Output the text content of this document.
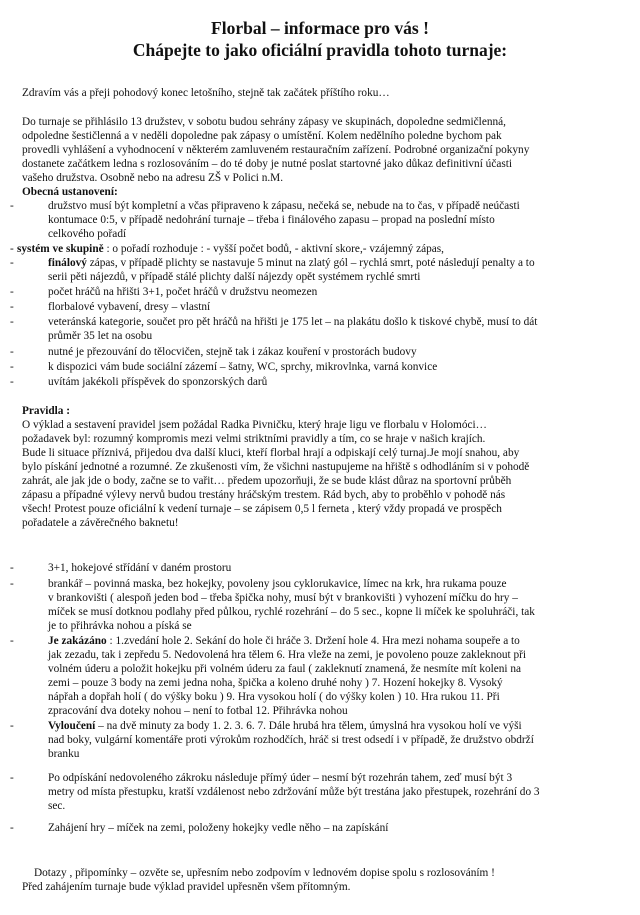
Florbal – informace pro vás !
Chápejte to jako oficiální pravidla tohoto turnaje:

Zdravím vás a přeji pohodový konec letošního, stejně tak začátek příštího roku…

Do turnaje se přihlásilo 13 družstev, v sobotu budou sehrány zápasy ve skupinách, dopoledne sedmičlenná,

odpoledne šestičlenná a v neděli dopoledne pak zápasy o umístění. Kolem nedělního poledne bychom pak

provedli vyhlášení a vyhodnocení v některém zamluveném restauračním zařízení. Podrobné organizační pokyny

dostanete začátkem ledna s rozlosováním – do té doby je nutné poslat startovné jako důkaz definitivní účasti

vašeho družstva. Osobně nebo na adresu ZŠ v Polici n.M.

Obecná ustanovení:

-	družstvo musí být kompletní a včas připraveno k zápasu, nečeká se, nebude na to čas, v případě neúčasti

kontumace 0:5, v případě nedohrání turnaje – třeba i finálového zapasu – propad na poslední místo

celkového pořadí

- systém ve skupině : o pořadí rozhoduje : - vyšší počet bodů, - aktivní skore,- vzájemný zápas,

-	finálový zápas, v případě plichty se nastavuje 5 minut na zlatý gól – rychlá smrt, poté následují penalty a to

serii pěti nájezdů, v případě stálé plichty další nájezdy opět systémem rychlé smrti

-	počet hráčů na hřišti 3+1, počet hráčů v družstvu neomezen

-	florbalové vybavení, dresy – vlastní

-	veteránská kategorie, součet pro pět hráčů na hřišti je 175 let – na plakátu došlo k tiskové chybě, musí to dát

průměr 35 let na osobu

-	nutné je přezouvání do tělocvičen, stejně tak i zákaz kouření v prostorách budovy

-	k dispozici vám bude sociální zázemí – šatny, WC, sprchy, mikrovlnka, varná konvice

-	uvítám jakékoli příspěvek do sponzorských darů

Pravidla :

O výklad a sestavení pravidel jsem požádal Radka Pivničku, který hraje ligu ve florbalu v Holomóci…

požadavek byl: rozumný kompromis mezi velmi striktními pravidly a tím, co se hraje v našich krajích.

Bude li situace příznivá, přijedou dva další kluci, kteří florbal hrají a odpiskají celý turnaj.Je mojí snahou, aby

bylo pískání jednotné a rozumné. Ze zkušenosti vím, že všichni nastupujeme na hřiště s odhodláním si v pohodě

zahrát, ale jak jde o body, začne se to vařit… předem upozorňuji, že se bude klást důraz na sportovní průběh

zápasu a případné výlevy nervů budou trestány hráčským trestem. Rád bych, aby to proběhlo v pohodě nás

všech! Protest pouze oficiální k vedení turnaje – se zápisem 0,5 l ferneta , který vždy propadá ve prospěch

pořadatele a závěrečného baknetu!

-	3+1, hokejové střídání v daném prostoru

-	brankář – povinná maska, bez hokejky, povoleny jsou cyklorukavice, límec na krk, hra rukama pouze

v brankovišti ( alespoň jeden bod – třeba špička nohy, musí být v brankovišti ) vyhození míčku do hry –

míček se musí dotknou podlahy před půlkou, rychlé rozehrání – do 5 sec., kopne li míček ke spoluhráči, tak

je to přihrávka nohou a píská se

-	Je zakázáno : 1.zvedání hole 2. Sekání do hole či hráče 3. Držení hole 4. Hra mezi nohama soupeře a to

jak zezadu, tak i zepředu 5. Nedovolená hra tělem 6. Hra vleže na zemi, je povoleno pouze zakleknout při

volném úderu a položit hokejku při volném úderu za faul ( zakleknutí znamená, že nesmíte mít koleni na

zemi – pouze 3 body na zemi jedna noha, špička a koleno druhé nohy ) 7. Hození hokejky 8. Vysoký

nápřah a dopřah holí ( do výšky boku ) 9. Hra vysokou holí ( do výšky kolen ) 10. Hra rukou 11. Při

zpracování dva doteky nohou – není to fotbal 12. Přihrávka nohou

-	Vyloučení – na dvě minuty za body 1. 2. 3. 6. 7. Dále hrubá hra tělem, úmyslná hra vysokou holí ve výši

nad boky, vulgární komentáře proti výrokům rozhodčích, hráč si trest odsedí i v případě, že družstvo obdrží

branku

-	Po odpískání nedovoleného zákroku následuje přímý úder – nesmí být rozehrán tahem, zeď musí být 3

metry od místa přestupku, kratší vzdálenost nebo zdržování může být trestána jako přestupek, rozehrání do 3

sec.

-	Zahájení hry – míček na zemi, položeny hokejky vedle něho – na zapískání

Dotazy , připomínky – ozvěte se, upřesním nebo zodpovím v lednovém dopise spolu s rozlosováním !

Před zahájením turnaje bude výklad pravidel upřesněn všem přítomným.
